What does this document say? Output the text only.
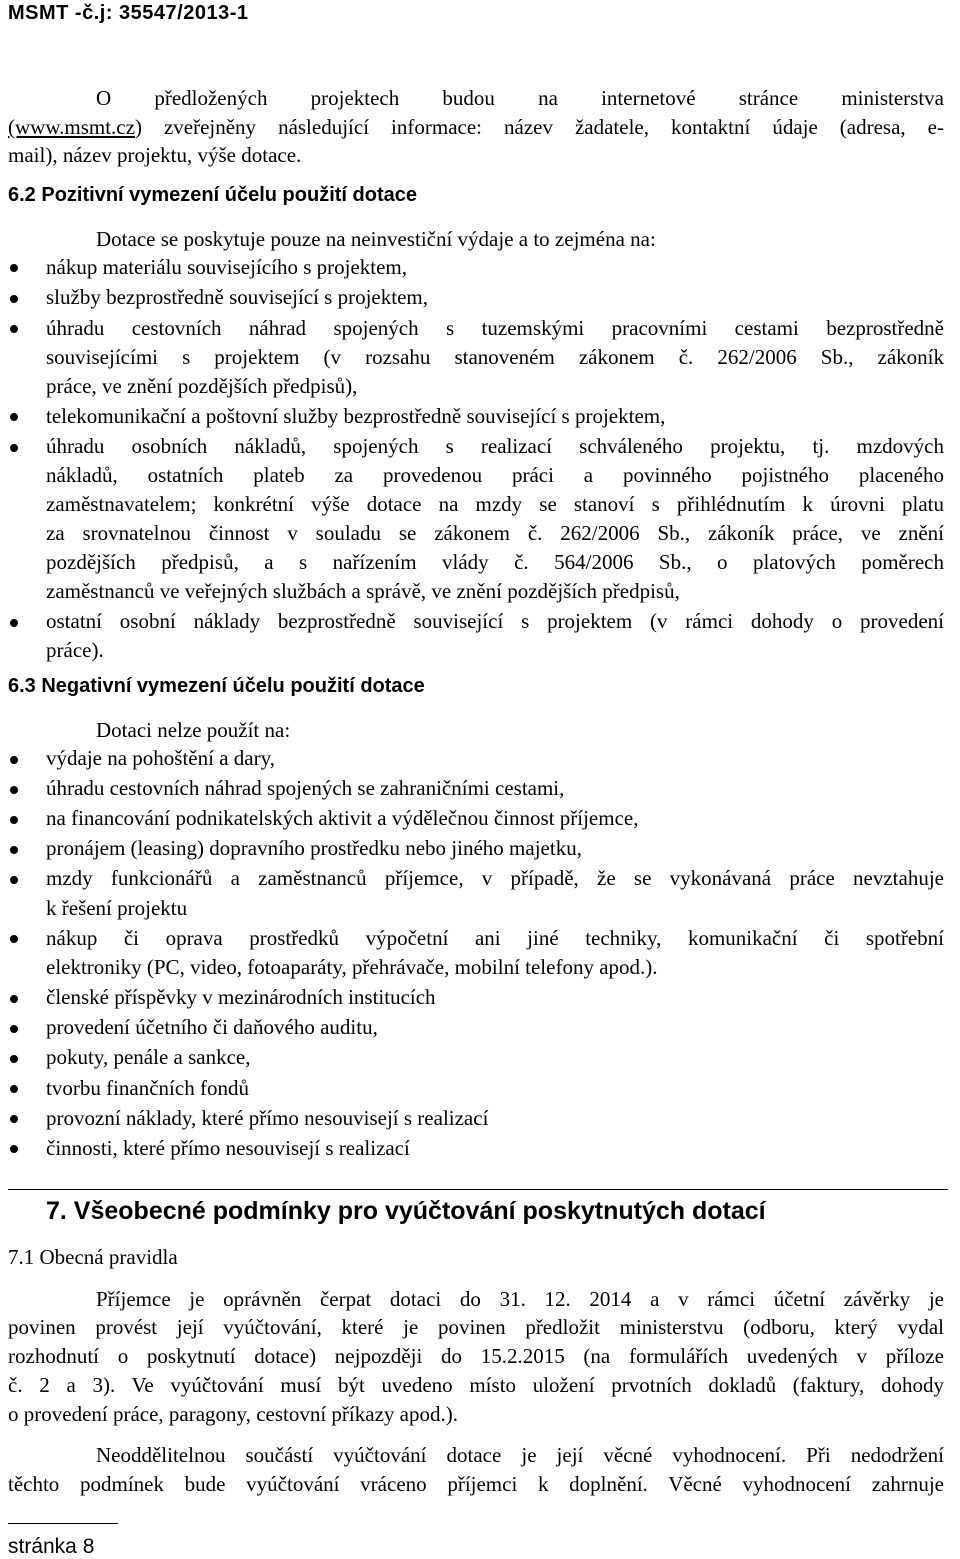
MSMT -č.j: 35547/2013-1
O předložených projektech budou na internetové stránce ministerstva
(www.msmt.cz) zveřejněny následující informace: název žadatele, kontaktní údaje (adresa, e-
mail), název projektu, výše dotace.
6.2 Pozitivní vymezení účelu použití dotace
Dotace se poskytuje pouze na neinvestiční výdaje a to zejména na:
nákup materiálu souvisejícího s projektem,
služby bezprostředně související s projektem,
úhradu cestovních náhrad spojených s tuzemskými pracovními cestami bezprostředně
souvisejícími s projektem (v rozsahu stanoveném zákonem č. 262/2006 Sb., zákoník
práce, ve znění pozdějších předpisů),
telekomunikační a poštovní služby bezprostředně související s projektem,
úhradu osobních nákladů, spojených s realizací schváleného projektu, tj. mzdových
nákladů, ostatních plateb za provedenou práci a povinného pojistného placeného
zaměstnavatelem; konkrétní výše dotace na mzdy se stanoví s přihlédnutím k úrovni platu
za srovnatelnou činnost v souladu se zákonem č. 262/2006 Sb., zákoník práce, ve znění
pozdějších předpisů, a s nařízením vlády č. 564/2006 Sb., o platových poměrech
zaměstnanců ve veřejných službách a správě, ve znění pozdějších předpisů,
ostatní osobní náklady bezprostředně související s projektem (v rámci dohody o provedení
práce).
6.3 Negativní vymezení účelu použití dotace
Dotaci nelze použít na:
výdaje na pohoštění a dary,
úhradu cestovních náhrad spojených se zahraničními cestami,
na financování podnikatelských aktivit a výdělečnou činnost příjemce,
pronájem (leasing) dopravního prostředku nebo jiného majetku,
mzdy funkcionářů a zaměstnanců příjemce, v případě, že se vykonávaná práce nevztahuje
k řešení projektu
nákup či oprava prostředků výpočetní ani jiné techniky, komunikační či spotřební
elektroniky (PC, video, fotoaparáty, přehrávače, mobilní telefony apod.).
členské příspěvky v mezinárodních institucích
provedení účetního či daňového auditu,
pokuty, penále a sankce,
tvorbu finančních fondů
provozní náklady, které přímo nesouvisejí s realizací
činnosti, které přímo nesouvisejí s realizací
7. Všeobecné podmínky pro vyúčtování poskytnutých dotací
7.1 Obecná pravidla
Příjemce je oprávněn čerpat dotaci do 31. 12. 2014 a v rámci účetní závěrky je
povinen provést její vyúčtování, které je povinen předložit ministerstvu (odboru, který vydal
rozhodnutí o poskytnutí dotace) nejpozději do 15.2.2015 (na formulářích uvedených v příloze
č. 2 a 3). Ve vyúčtování musí být uvedeno místo uložení prvotních dokladů (faktury, dohody
o provedení práce, paragony, cestovní příkazy apod.).
Neoddělitelnou součástí vyúčtování dotace je její věcné vyhodnocení. Při nedodržení
těchto podmínek bude vyúčtování vráceno příjemci k doplnění. Věcné vyhodnocení zahrnuje
stránka 8
